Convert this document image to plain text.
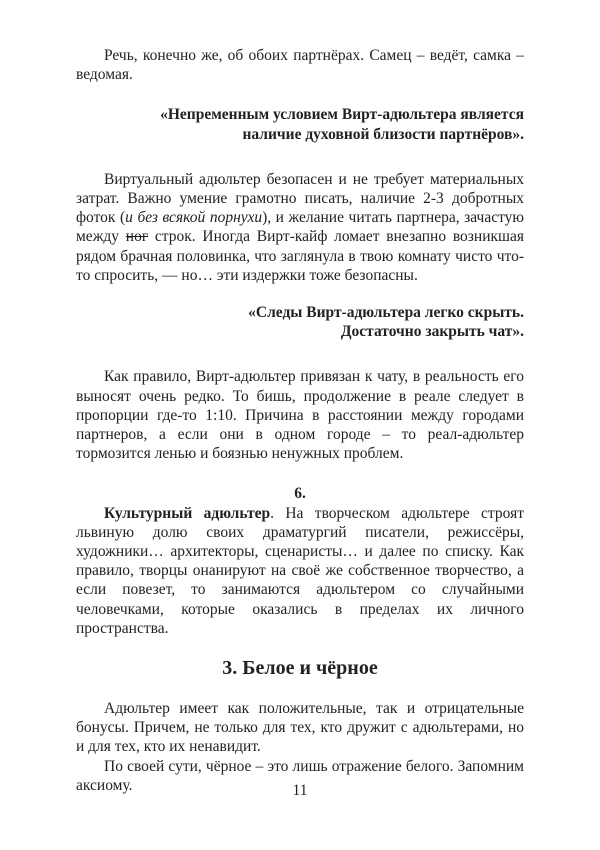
Речь, конечно же, об обоих партнёрах. Самец – ведёт, самка – ведомая.

«Непременным условием Вирт-адюльтера является
наличие духовной близости партнёров».

Виртуальный адюльтер безопасен и не требует материальных затрат. Важно умение грамотно писать, наличие 2-3 добротных фоток (и без всякой порнухи), и желание читать партнера, зачастую между ног строк. Иногда Вирт-кайф ломает внезапно возникшая рядом брачная половинка, что заглянула в твою комнату чисто что-то спросить, — но… эти издержки тоже безопасны.

«Следы Вирт-адюльтера легко скрыть.
Достаточно закрыть чат».

Как правило, Вирт-адюльтер привязан к чату, в реальность его выносят очень редко. То бишь, продолжение в реале следует в пропорции где-то 1:10. Причина в расстоянии между городами партнеров, а если они в одном городе – то реал-адюльтер тормозится ленью и боязнью ненужных проблем.

6.

Культурный адюльтер. На творческом адюльтере строят львиную долю своих драматургий писатели, режиссёры, художники… архитекторы, сценаристы… и далее по списку. Как правило, творцы онанируют на своё же собственное творчество, а если повезет, то занимаются адюльтером со случайными человечками, которые оказались в пределах их личного пространства.

3. Белое и чёрное

Адюльтер имеет как положительные, так и отрицательные бонусы. Причем, не только для тех, кто дружит с адюльтерами, но и для тех, кто их ненавидит.

По своей сути, чёрное – это лишь отражение белого. Запомним аксиому.	11
